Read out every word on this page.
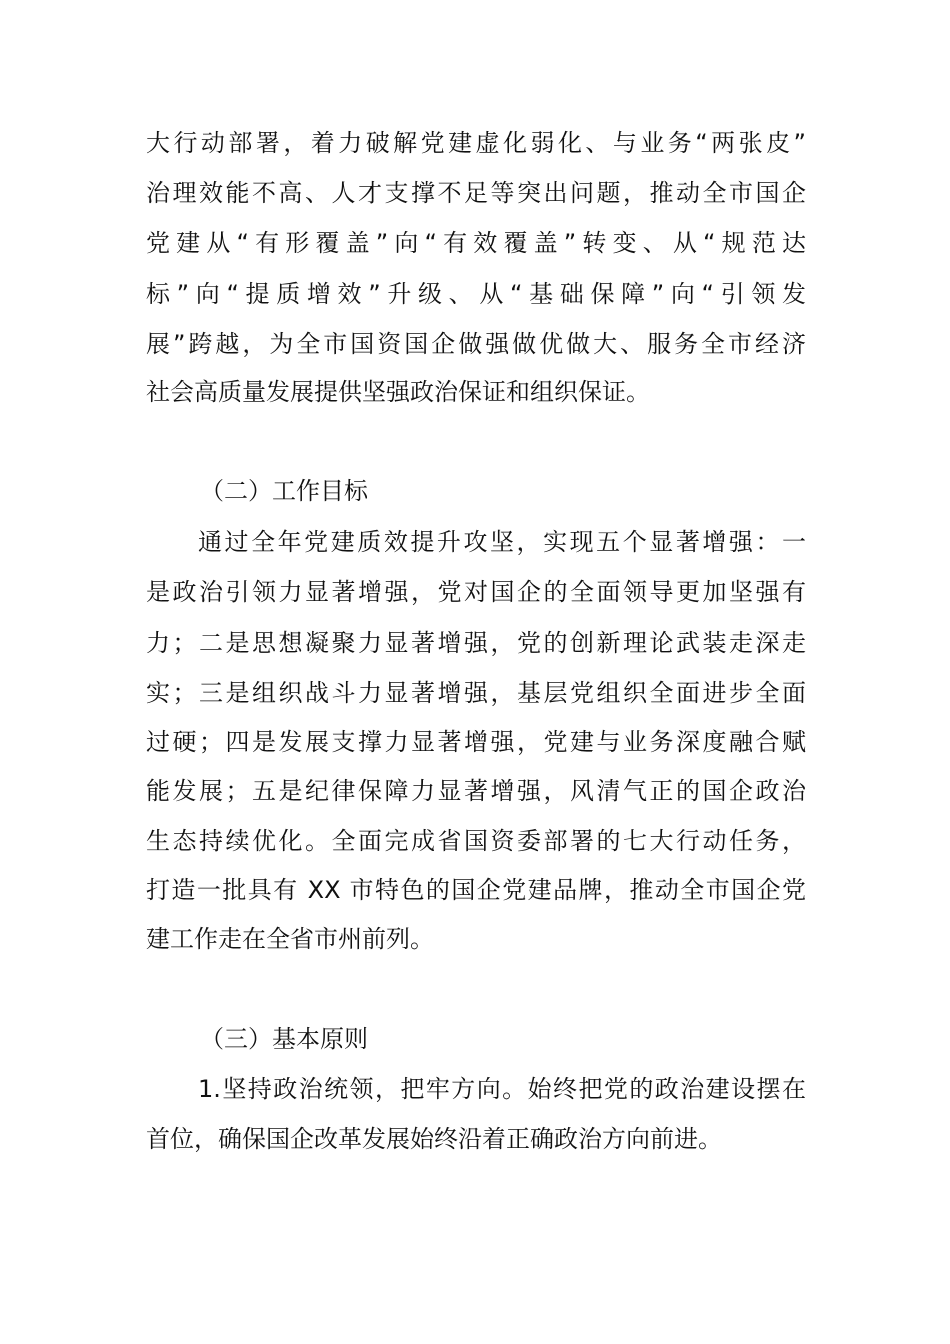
大行动部署，着力破解党建虚化弱化、与业务“两张皮”
治理效能不高、人才支撑不足等突出问题，推动全市国企
党建从“有形覆盖”向“有效覆盖”转变、从“规范达
标”向“提质增效”升级、从“基础保障”向“引领发
展”跨越，为全市国资国企做强做优做大、服务全市经济
社会高质量发展提供坚强政治保证和组织保证。
（二）工作目标
通过全年党建质效提升攻坚，实现五个显著增强：一
是政治引领力显著增强，党对国企的全面领导更加坚强有
力；二是思想凝聚力显著增强，党的创新理论武装走深走
实；三是组织战斗力显著增强，基层党组织全面进步全面
过硬；四是发展支撑力显著增强，党建与业务深度融合赋
能发展；五是纪律保障力显著增强，风清气正的国企政治
生态持续优化。全面完成省国资委部署的七大行动任务，
打造一批具有 XX 市特色的国企党建品牌，推动全市国企党
建工作走在全省市州前列。
（三）基本原则
1.坚持政治统领，把牢方向。始终把党的政治建设摆在
首位，确保国企改革发展始终沿着正确政治方向前进。
